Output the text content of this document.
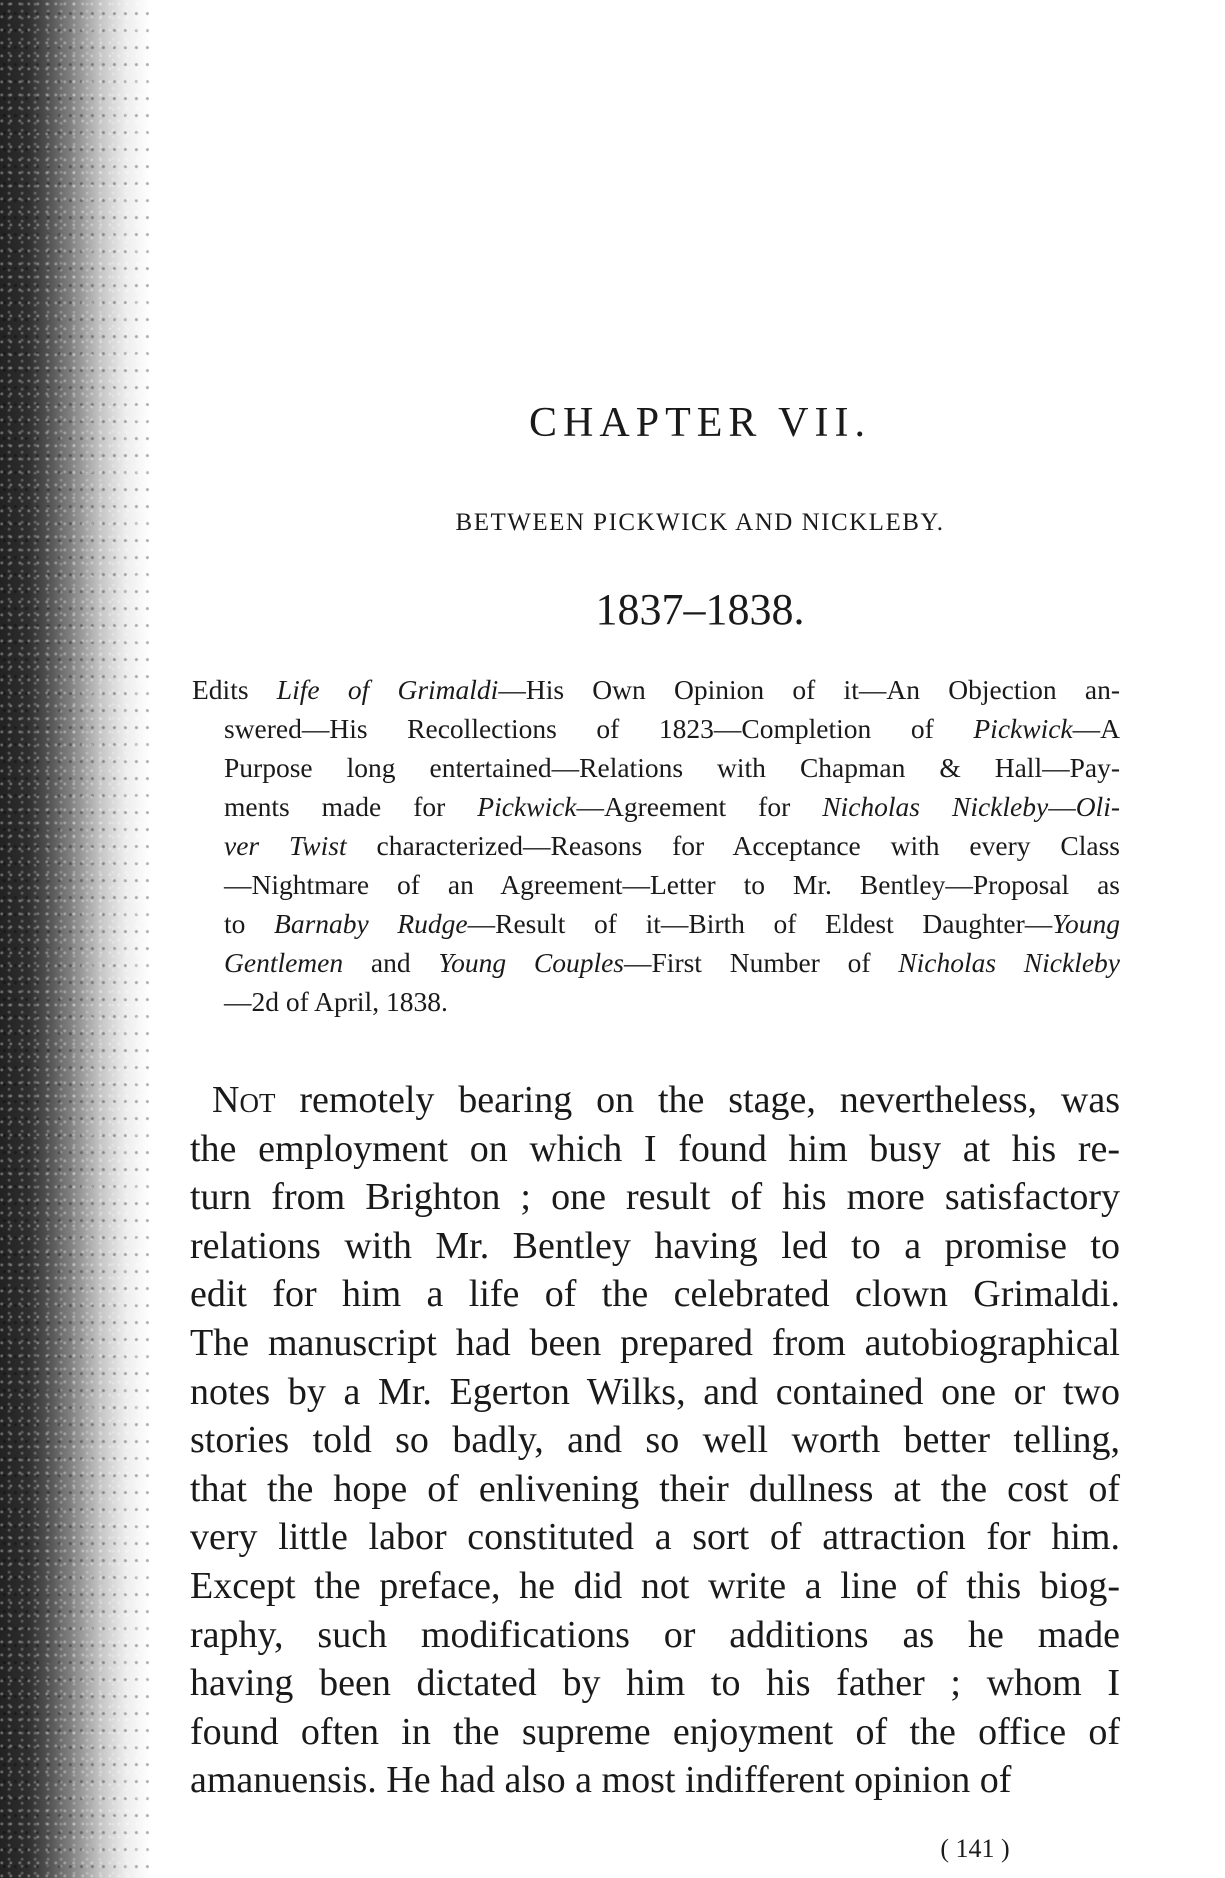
CHAPTER VII.
BETWEEN PICKWICK AND NICKLEBY.
1837–1838.
Edits Life of Grimaldi—His Own Opinion of it—An Objection an-
swered—His Recollections of 1823—Completion of Pickwick—A
Purpose long entertained—Relations with Chapman & Hall—Pay-
ments made for Pickwick—Agreement for Nicholas Nickleby—Oli-
ver Twist characterized—Reasons for Acceptance with every Class
—Nightmare of an Agreement—Letter to Mr. Bentley—Proposal as
to Barnaby Rudge—Result of it—Birth of Eldest Daughter—Young
Gentlemen and Young Couples—First Number of Nicholas Nickleby
—2d of April, 1838.
Not remotely bearing on the stage, nevertheless, was
the employment on which I found him busy at his re-
turn from Brighton ; one result of his more satisfactory
relations with Mr. Bentley having led to a promise to
edit for him a life of the celebrated clown Grimaldi.
The manuscript had been prepared from autobiographical
notes by a Mr. Egerton Wilks, and contained one or two
stories told so badly, and so well worth better telling,
that the hope of enlivening their dullness at the cost of
very little labor constituted a sort of attraction for him.
Except the preface, he did not write a line of this biog-
raphy, such modifications or additions as he made
having been dictated by him to his father ; whom I
found often in the supreme enjoyment of the office of
amanuensis. He had also a most indifferent opinion of
( 141 )
